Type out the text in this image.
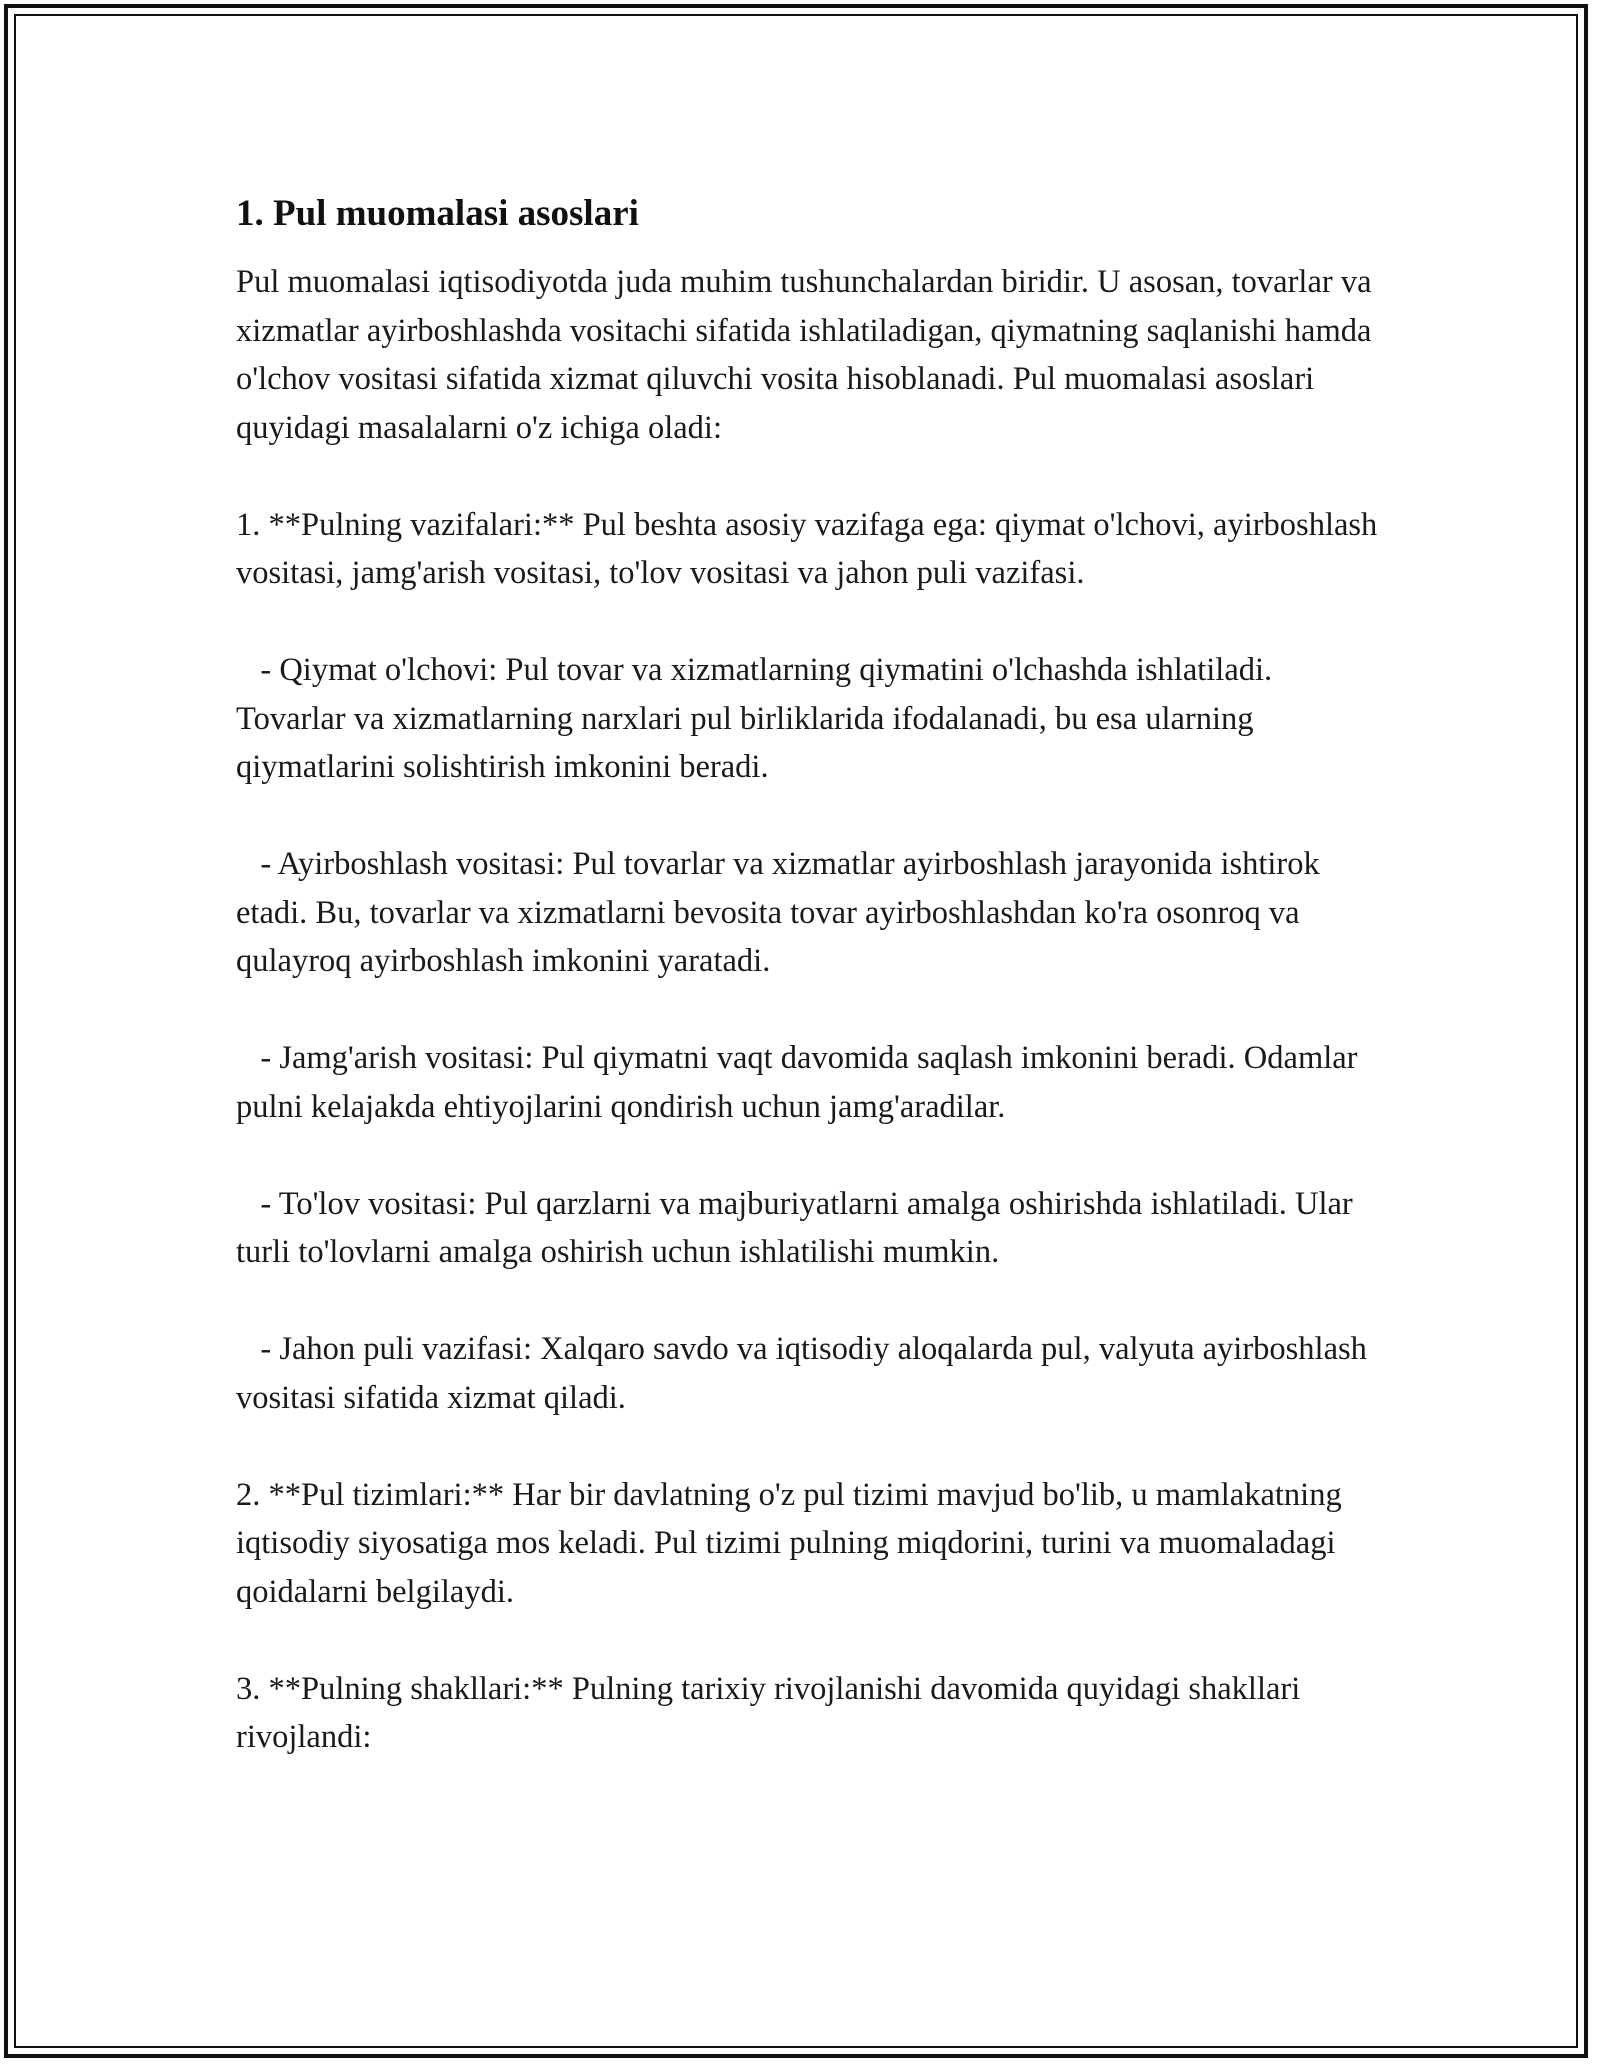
1. Pul muomalasi asoslari

Pul muomalasi iqtisodiyotda juda muhim tushunchalardan biridir. U asosan, tovarlar va xizmatlar ayirboshlashda vositachi sifatida ishlatiladigan, qiymatning saqlanishi hamda o'lchov vositasi sifatida xizmat qiluvchi vosita hisoblanadi. Pul muomalasi asoslari quyidagi masalalarni o'z ichiga oladi:

1. **Pulning vazifalari:** Pul beshta asosiy vazifaga ega: qiymat o'lchovi, ayirboshlash vositasi, jamg'arish vositasi, to'lov vositasi va jahon puli vazifasi.

- Qiymat o'lchovi: Pul tovar va xizmatlarning qiymatini o'lchashda ishlatiladi. Tovarlar va xizmatlarning narxlari pul birliklarida ifodalanadi, bu esa ularning qiymatlarini solishtirish imkonini beradi.

- Ayirboshlash vositasi: Pul tovarlar va xizmatlar ayirboshlash jarayonida ishtirok etadi. Bu, tovarlar va xizmatlarni bevosita tovar ayirboshlashdan ko'ra osonroq va qulayroq ayirboshlash imkonini yaratadi.

- Jamg'arish vositasi: Pul qiymatni vaqt davomida saqlash imkonini beradi. Odamlar pulni kelajakda ehtiyojlarini qondirish uchun jamg'aradilar.

- To'lov vositasi: Pul qarzlarni va majburiyatlarni amalga oshirishda ishlatiladi. Ular turli to'lovlarni amalga oshirish uchun ishlatilishi mumkin.

- Jahon puli vazifasi: Xalqaro savdo va iqtisodiy aloqalarda pul, valyuta ayirboshlash vositasi sifatida xizmat qiladi.

2. **Pul tizimlari:** Har bir davlatning o'z pul tizimi mavjud bo'lib, u mamlakatning iqtisodiy siyosatiga mos keladi. Pul tizimi pulning miqdorini, turini va muomaladagi qoidalarni belgilaydi.

3. **Pulning shakllari:** Pulning tarixiy rivojlanishi davomida quyidagi shakllari rivojlandi:
